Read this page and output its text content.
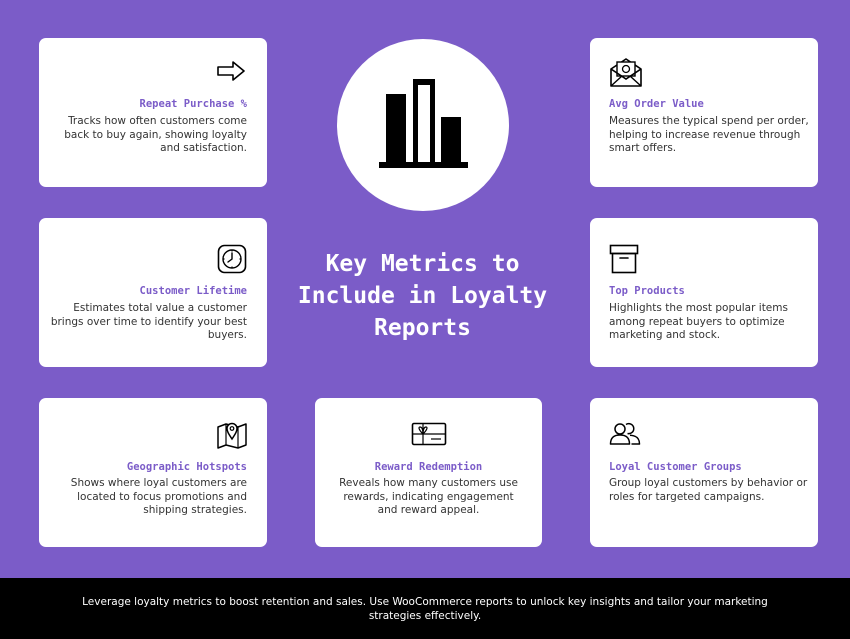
Key Metrics to Include in Loyalty Reports
Repeat Purchase %
Tracks how often customers come back to buy again, showing loyalty and satisfaction.
Avg Order Value
Measures the typical spend per order, helping to increase revenue through smart offers.
Customer Lifetime
Estimates total value a customer brings over time to identify your best buyers.
Top Products
Highlights the most popular items among repeat buyers to optimize marketing and stock.
Geographic Hotspots
Shows where loyal customers are located to focus promotions and shipping strategies.
Reward Redemption
Reveals how many customers use rewards, indicating engagement and reward appeal.
Loyal Customer Groups
Group loyal customers by behavior or roles for targeted campaigns.
Leverage loyalty metrics to boost retention and sales. Use WooCommerce reports to unlock key insights and tailor your marketing strategies effectively.
